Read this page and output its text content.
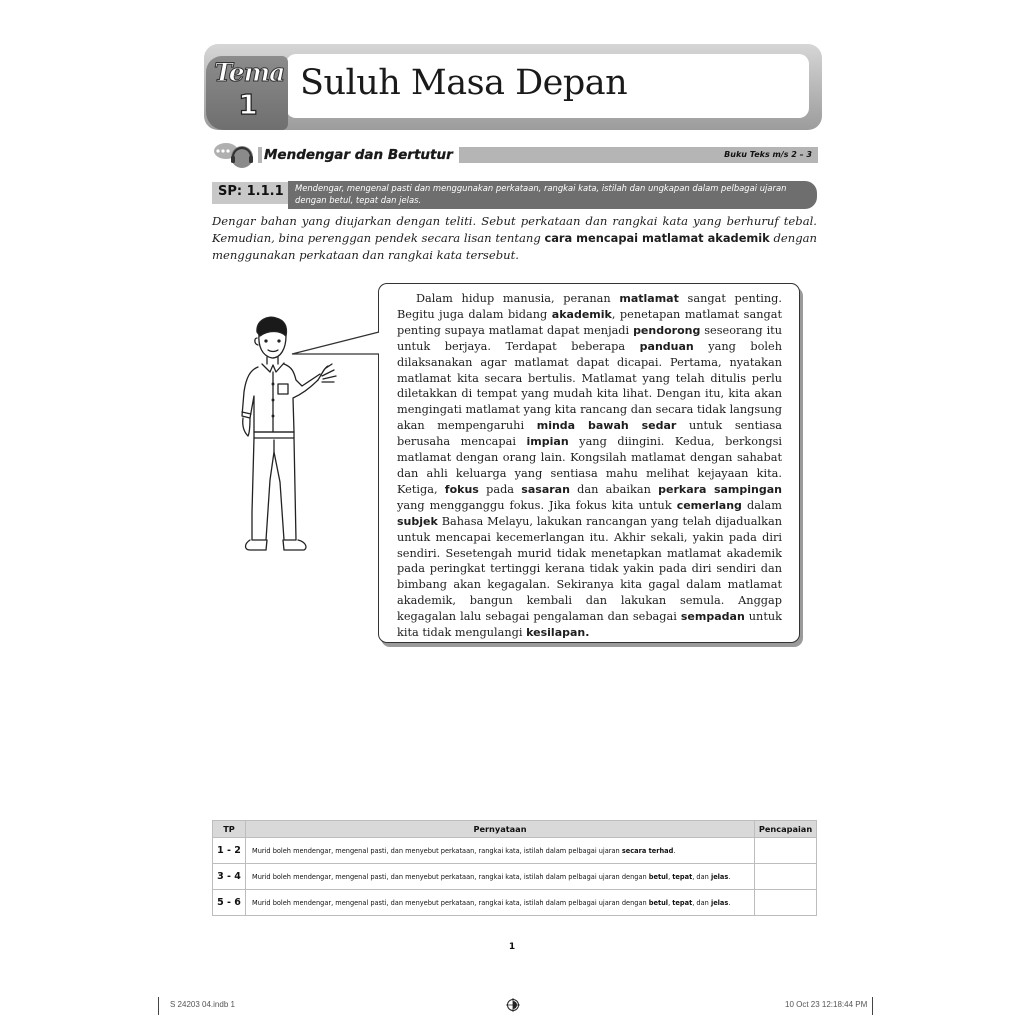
Tema
1
Suluh Masa Depan
Mendengar dan Bertutur	Buku Teks m/s 2 – 3
SP: 1.1.1 Mendengar, mengenal pasti dan menggunakan perkataan, rangkai kata, istilah dan ungkapan dalam pelbagai ujaran dengan betul, tepat dan jelas.
Dengar bahan yang diujarkan dengan teliti. Sebut perkataan dan rangkai kata yang berhuruf tebal. Kemudian, bina perenggan pendek secara lisan tentang cara mencapai matlamat akademik dengan menggunakan perkataan dan rangkai kata tersebut.
Dalam hidup manusia, peranan matlamat sangat penting. Begitu juga dalam bidang akademik, penetapan matlamat sangat penting supaya matlamat dapat menjadi pendorong seseorang itu untuk berjaya. Terdapat beberapa panduan yang boleh dilaksanakan agar matlamat dapat dicapai. Pertama, nyatakan matlamat kita secara bertulis. Matlamat yang telah ditulis perlu diletakkan di tempat yang mudah kita lihat. Dengan itu, kita akan mengingati matlamat yang kita rancang dan secara tidak langsung akan mempengaruhi minda bawah sedar untuk sentiasa berusaha mencapai impian yang diingini. Kedua, berkongsi matlamat dengan orang lain. Kongsilah matlamat dengan sahabat dan ahli keluarga yang sentiasa mahu melihat kejayaan kita. Ketiga, fokus pada sasaran dan abaikan perkara sampingan yang mengganggu fokus. Jika fokus kita untuk cemerlang dalam subjek Bahasa Melayu, lakukan rancangan yang telah dijadualkan untuk mencapai kecemerlangan itu. Akhir sekali, yakin pada diri sendiri. Sesetengah murid tidak menetapkan matlamat akademik pada peringkat tertinggi kerana tidak yakin pada diri sendiri dan bimbang akan kegagalan. Sekiranya kita gagal dalam matlamat akademik, bangun kembali dan lakukan semula. Anggap kegagalan lalu sebagai pengalaman dan sebagai sempadan untuk kita tidak mengulangi kesilapan.
TP	Pernyataan	Pencapaian
1 - 2	Murid boleh mendengar, mengenal pasti, dan menyebut perkataan, rangkai kata, istilah dalam pelbagai ujaran secara terhad.	
3 - 4	Murid boleh mendengar, mengenal pasti, dan menyebut perkataan, rangkai kata, istilah dalam pelbagai ujaran dengan betul, tepat, dan jelas.	
5 - 6	Murid boleh mendengar, mengenal pasti, dan menyebut perkataan, rangkai kata, istilah dalam pelbagai ujaran dengan betul, tepat, dan jelas.	
1
S 24203 04.indb 1	10 Oct 23 12:18:44 PM
